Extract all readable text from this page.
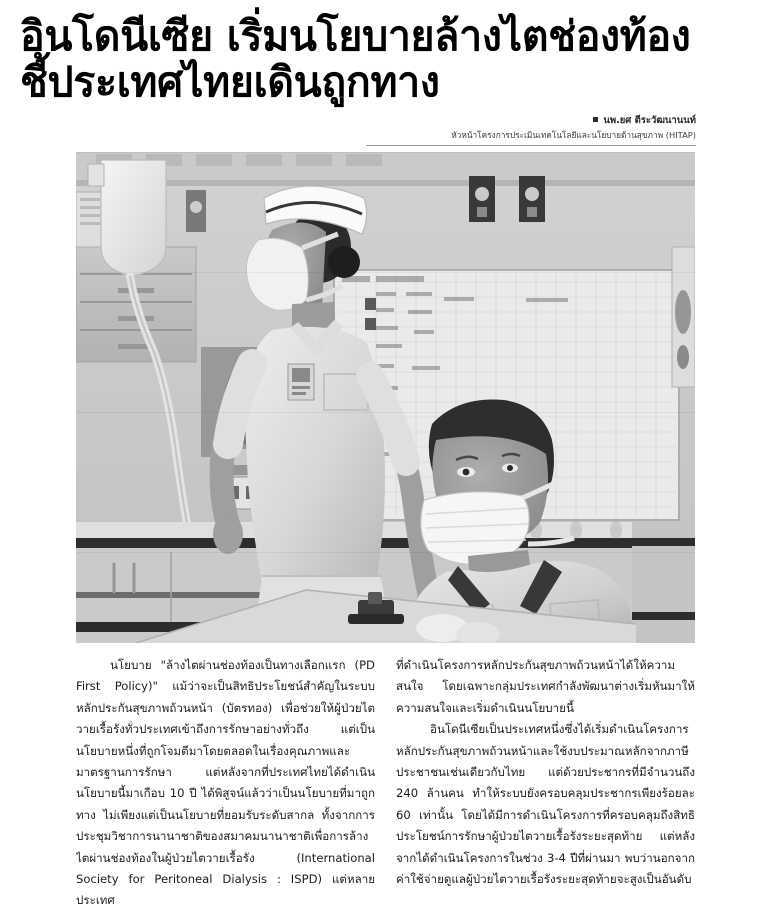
อินโดนีเซีย เริ่มนโยบายล้างไตช่องท้อง
ชี้ประเทศไทยเดินถูกทาง
นพ.ยศ ตีระวัฒนานนท์
หัวหน้าโครงการประเมินเทคโนโลยีและนโยบายด้านสุขภาพ (HITAP)

นโยบาย "ล้างไตผ่านช่องท้องเป็นทางเลือกแรก (PD First Policy)" แม้ว่าจะเป็นสิทธิประโยชน์สำคัญในระบบหลักประกันสุขภาพถ้วนหน้า (บัตรทอง) เพื่อช่วยให้ผู้ป่วยไตวายเรื้อรังทั่วประเทศเข้าถึงการรักษาอย่างทั่วถึง แต่เป็นนโยบายหนึ่งที่ถูกโจมตีมาโดยตลอดในเรื่องคุณภาพและมาตรฐานการรักษา แต่หลังจากที่ประเทศไทยได้ดำเนินนโยบายนี้มาเกือบ 10 ปี ได้พิสูจน์แล้วว่าเป็นนโยบายที่มาถูกทาง ไม่เพียงแต่เป็นนโยบายที่ยอมรับระดับสากล ทั้งจากการประชุมวิชาการนานาชาติของสมาคมนานาชาติเพื่อการล้างไตผ่านช่องท้องในผู้ป่วยไตวายเรื้อรัง (International Society for Peritoneal Dialysis : ISPD) แต่หลายประเทศ

ที่ดำเนินโครงการหลักประกันสุขภาพถ้วนหน้าได้ให้ความสนใจ โดยเฉพาะกลุ่มประเทศกำลังพัฒนาต่างเริ่มหันมาให้ความสนใจและเริ่มดำเนินนโยบายนี้

อินโดนีเซียเป็นประเทศหนึ่งซึ่งได้เริ่มดำเนินโครงการหลักประกันสุขภาพถ้วนหน้าและใช้งบประมาณหลักจากภาษีประชาชนเช่นเดียวกับไทย แต่ด้วยประชากรที่มีจำนวนถึง 240 ล้านคน ทำให้ระบบยังครอบคลุมประชากรเพียงร้อยละ 60 เท่านั้น โดยได้มีการดำเนินโครงการที่ครอบคลุมถึงสิทธิประโยชน์การรักษาผู้ป่วยไตวายเรื้อรังระยะสุดท้าย แต่หลังจากได้ดำเนินโครงการในช่วง 3-4 ปีที่ผ่านมา พบว่านอกจากค่าใช้จ่ายดูแลผู้ป่วยไตวายเรื้อรังระยะสุดท้ายจะสูงเป็นอันดับ
